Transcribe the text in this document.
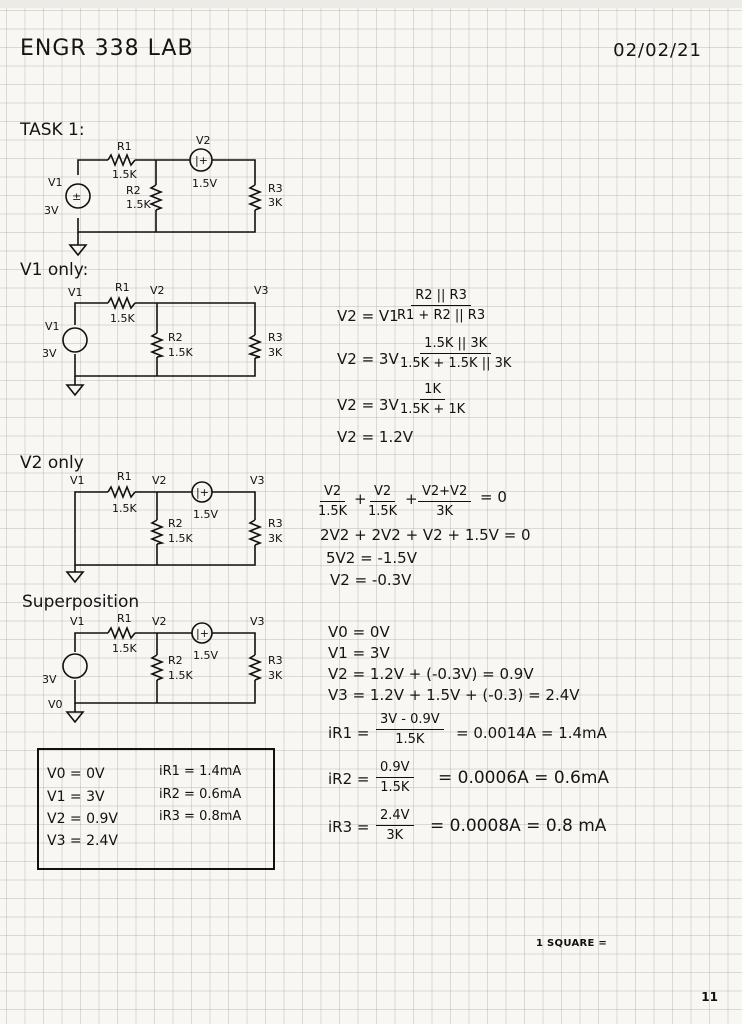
ENGR 338 LAB	02/02/21
TASK 1:
R1
1.5K
R2
1.5K
R3
3K
V1
3V
±
V2
|+
1.5V
V1 only:
V1	V2	V3
R1
1.5K
R2
1.5K
R3
3K
V1
3V
V2 = V1
$\frac{R2 || R3}{R1 + R2 || R3}$
$V2 = 3V \frac{1.5K || 3K}{1.5K + 1.5K || 3K}$
$V2 = 3V \frac{1K}{1.5K + 1K}$
V2 = 1.2V
V2 only
V1	V2	V3
R1
1.5K
R2
1.5K
R3
3K
|+
1.5V	$\frac{V2}{1.5K} + \frac{V2}{1.5K} + \frac{V2+V2}{3K} = 0$
2V2 + 2V2 + V2 + 1.5V = 0
5V2 = -1.5V
V2 = -0.3V
Superposition
V1	V2	V3
R1
1.5K
R2
1.5K
R3
3K
3V
|+
1.5V
V0
V0 = 0V
V1 = 3V
V2 = 1.2V + (-0.3V) = 0.9V
V3 = 1.2V + 1.5V + (-0.3) = 2.4V
$iR1 = \frac{3V - 0.9V}{1.5K} = 0.0014A = 1.4mA$
$iR2 = \frac{0.9V}{1.5K} = 0.0006A = 0.6mA$
$iR3 = \frac{2.4V}{3K} = 0.0008A = 0.8$ mA
V0 = 0V
V1 = 3V
V2 = 0.9V
V3 = 2.4V
iR1 = 1.4mA
iR2 = 0.6mA
iR3 = 0.8mA
1 SQUARE =
11
